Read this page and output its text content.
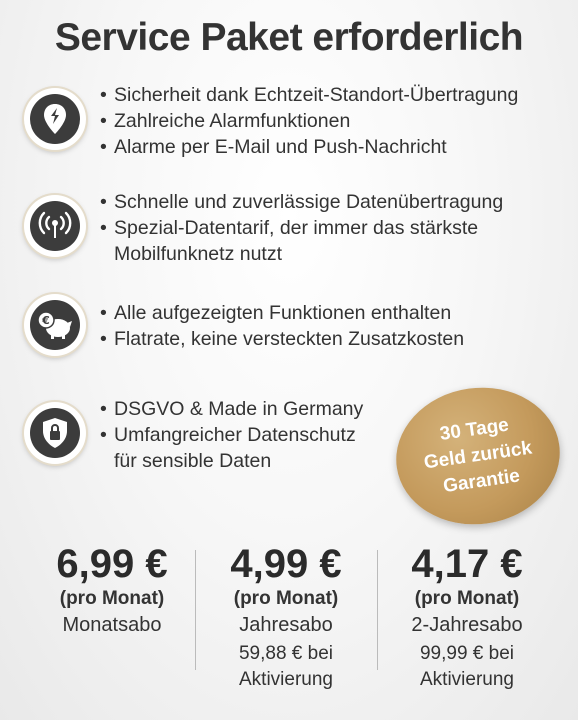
Service Paket erforderlich
• Sicherheit dank Echtzeit-Standort-Übertragung
• Zahlreiche Alarmfunktionen
• Alarme per E-Mail und Push-Nachricht
• Schnelle und zuverlässige Datenübertragung
• Spezial-Datentarif, der immer das stärkste
Mobilfunknetz nutzt
€
•	Alle aufgezeigten Funktionen enthalten
• Flatrate, keine versteckten Zusatzkosten
• DSGVO & Made in Germany
• Umfangreicher Datenschutz
für sensible Daten
30 Tage
Geld zurück
Garantie
6,99 €
(pro Monat)
Monatsabo
4,99 €
(pro Monat)
Jahresabo
59,88 € bei
Aktivierung
4,17 €
(pro Monat)
2-Jahresabo
99,99 € bei
Aktivierung
